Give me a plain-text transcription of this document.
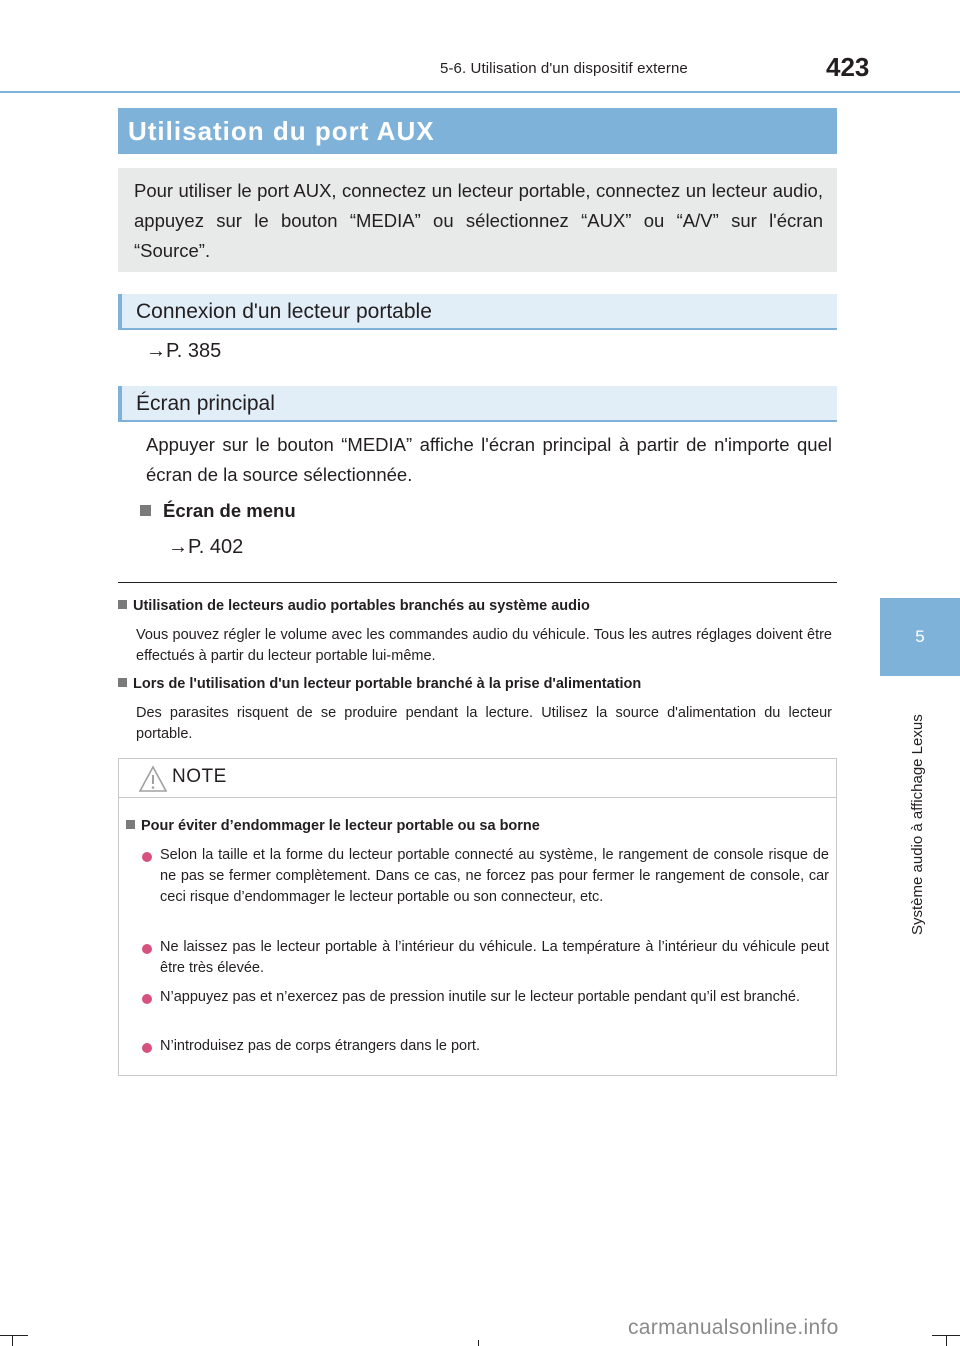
5-6. Utilisation d'un dispositif externe	423
5
Système audio à affichage Lexus
Utilisation du port AUX
Pour utiliser le port AUX, connectez un lecteur portable, connectez un lecteur audio, appuyez sur le bouton “MEDIA” ou sélectionnez “AUX” ou “A/V” sur l'écran “Source”.
Connexion d'un lecteur portable
→P. 385
Écran principal
Appuyer sur le bouton “MEDIA” affiche l'écran principal à partir de n'importe quel écran de la source sélectionnée.
Écran de menu
→P. 402
Utilisation de lecteurs audio portables branchés au système audio
Vous pouvez régler le volume avec les commandes audio du véhicule. Tous les autres réglages doivent être effectués à partir du lecteur portable lui-même.
Lors de l'utilisation d'un lecteur portable branché à la prise d'alimentation
Des parasites risquent de se produire pendant la lecture. Utilisez la source d'alimentation du lecteur portable.
NOTE
Pour éviter d’endommager le lecteur portable ou sa borne
Selon la taille et la forme du lecteur portable connecté au système, le rangement de console risque de ne pas se fermer complètement. Dans ce cas, ne forcez pas pour fermer le rangement de console, car ceci risque d’endommager le lecteur portable ou son connecteur, etc.
Ne laissez pas le lecteur portable à l’intérieur du véhicule. La température à l’intérieur du véhicule peut être très élevée.
N’appuyez pas et n’exercez pas de pression inutile sur le lecteur portable pendant qu’il est branché.
N’introduisez pas de corps étrangers dans le port.
carmanualsonline.info
